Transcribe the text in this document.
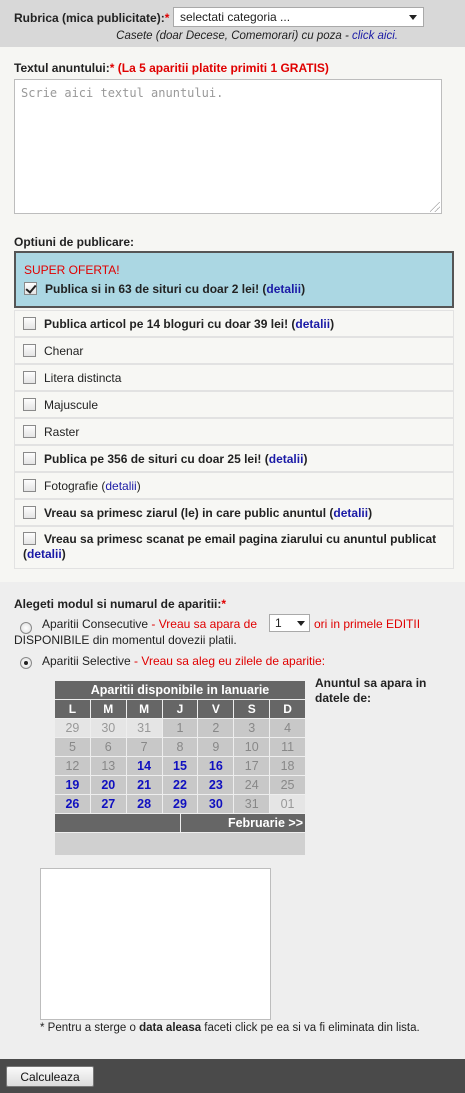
Rubrica (mica publicitate):* selectati categoria ...
Casete (doar Decese, Comemorari) cu poza - click aici.
Textul anuntului:* (La 5 aparitii platite primiti 1 GRATIS)
Scrie aici textul anuntului.
Optiuni de publicare:
SUPER OFERTA!
Publica si in 63 de situri cu doar 2 lei! (detalii)
Publica articol pe 14 bloguri cu doar 39 lei! (detalii)
Chenar
Litera distincta
Majuscule
Raster
Publica pe 356 de situri cu doar 25 lei! (detalii)
Fotografie (detalii)
Vreau sa primesc ziarul (le) in care public anuntul (detalii)
Vreau sa primesc scanat pe email pagina ziarului cu anuntul publicat (detalii)
Alegeti modul si numarul de aparitii:*
Aparitii Consecutive - Vreau sa apara de	1	ori in primele EDITII
DISPONIBILE din momentul dovezii platii.
Aparitii Selective - Vreau sa aleg eu zilele de aparitie:
Aparitii disponibile in Ianuarie
L	M	M	J	V	S	D
29	30	31	1	2	3	4
5	6	7	8	9	10	11
12	13	14	15	16	17	18
19	20	21	22	23	24	25
26	27	28	29	30	31	01
Februarie >>
Anuntul sa apara in datele de:
* Pentru a sterge o data aleasa faceti click pe ea si va fi eliminata din lista.
Calculeaza
